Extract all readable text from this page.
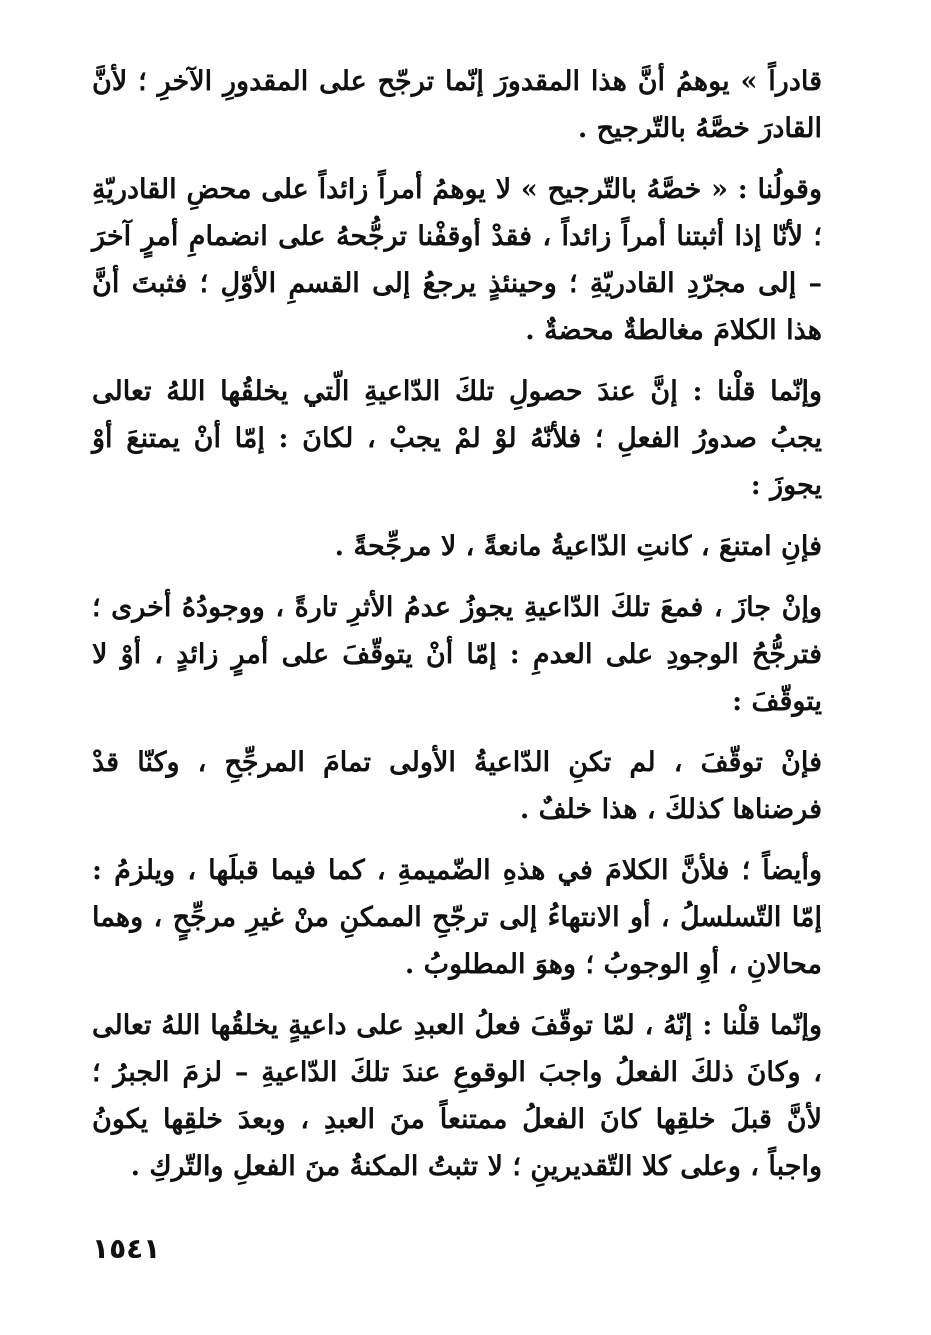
قادراً » يوهمُ أنَّ هذا المقدورَ إنّما ترجّح على المقدورِ الآخرِ ؛ لأنَّ القادرَ خصَّهُ بالتّرجيح .

وقولُنا : « خصَّهُ بالتّرجيح » لا يوهمُ أمراً زائداً على محضِ القادريّةِ ؛ لأنّا إذا أثبتنا أمراً زائداً ، فقدْ أوقفْنا ترجُّحهُ على انضمامِ أمرٍ آخرَ – إلى مجرّدِ القادريّةِ ؛ وحينئذٍ يرجعُ إلى القسمِ الأوّلِ ؛ فثبتَ أنَّ هذا الكلامَ مغالطةٌ محضةٌ .

وإنّما قلْنا : إنَّ عندَ حصولِ تلكَ الدّاعيةِ الّتي يخلقُها اللهُ تعالى يجبُ صدورُ الفعلِ ؛ فلأنّهُ لوْ لمْ يجبْ ، لكانَ : إمّا أنْ يمتنعَ أوْ يجوزَ :

فإنِ امتنعَ ، كانتِ الدّاعيةُ مانعةً ، لا مرجِّحةً .

وإنْ جازَ ، فمعَ تلكَ الدّاعيةِ يجوزُ عدمُ الأثرِ تارةً ، ووجودُهُ أخرى ؛ فترجُّحُ الوجودِ على العدمِ : إمّا أنْ يتوقّفَ على أمرٍ زائدٍ ، أوْ لا يتوقّفَ :

فإنْ توقّفَ ، لم تكنِ الدّاعيةُ الأولى تمامَ المرجِّحِ ، وكنّا قدْ فرضناها كذلكَ ، هذا خلفٌ .

وأيضاً ؛ فلأنَّ الكلامَ في هذهِ الضّميمةِ ، كما فيما قبلَها ، ويلزمُ : إمّا التّسلسلُ ، أو الانتهاءُ إلى ترجّحِ الممكنِ منْ غيرِ مرجِّحٍ ، وهما محالانِ ، أوِ الوجوبُ ؛ وهوَ المطلوبُ .

وإنّما قلْنا : إنّهُ ، لمّا توقّفَ فعلُ العبدِ على داعيةٍ يخلقُها اللهُ تعالى ، وكانَ ذلكَ الفعلُ واجبَ الوقوعِ عندَ تلكَ الدّاعيةِ – لزمَ الجبرُ ؛ لأنَّ قبلَ خلقِها كانَ الفعلُ ممتنعاً منَ العبدِ ، وبعدَ خلقِها يكونُ واجباً ، وعلى كلا التّقديرينِ ؛ لا تثبتُ المكنةُ منَ الفعلِ والتّركِ .

١٥٤١
